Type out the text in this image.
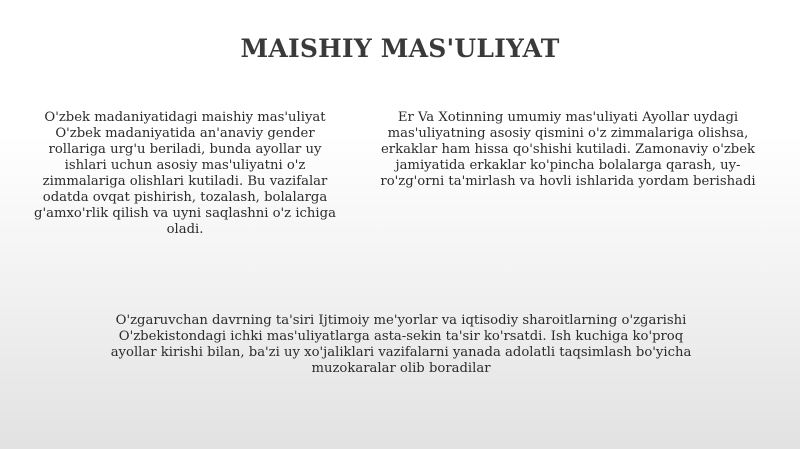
MAISHIY MAS'ULIYAT

O'zbek madaniyatidagi maishiy mas'uliyat O'zbek madaniyatida an'anaviy gender rollariga urg'u beriladi, bunda ayollar uy ishlari uchun asosiy mas'uliyatni o'z zimmalariga olishlari kutiladi. Bu vazifalar odatda ovqat pishirish, tozalash, bolalarga g'amxo'rlik qilish va uyni saqlashni o'z ichiga oladi.

Er Va Xotinning umumiy mas'uliyati Ayollar uydagi mas'uliyatning asosiy qismini o'z zimmalariga olishsa, erkaklar ham hissa qo'shishi kutiladi. Zamonaviy o'zbek jamiyatida erkaklar ko'pincha bolalarga qarash, uy-ro'zg'orni ta'mirlash va hovli ishlarida yordam berishadi

O'zgaruvchan davrning ta'siri Ijtimoiy me'yorlar va iqtisodiy sharoitlarning o'zgarishi O'zbekistondagi ichki mas'uliyatlarga asta-sekin ta'sir ko'rsatdi. Ish kuchiga ko'proq ayollar kirishi bilan, ba'zi uy xo'jaliklari vazifalarni yanada adolatli taqsimlash bo'yicha muzokaralar olib boradilar
